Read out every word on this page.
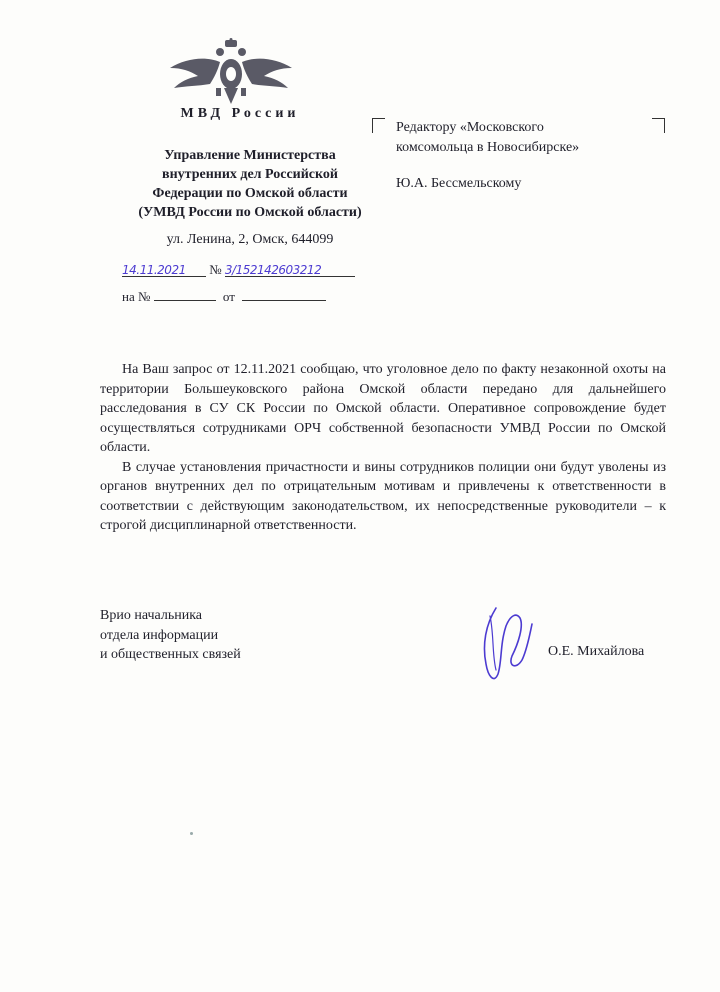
МВД России
Управление Министерства
внутренних дел Российской
Федерации по Омской области
(УМВД России по Омской области)
ул. Ленина, 2, Омск, 644099
14.11.2021 № 3/152142603212
на №	от
Редактору «Московского
комсомольца в Новосибирске»
Ю.А. Бессмельскому

На Ваш запрос от 12.11.2021 сообщаю, что уголовное дело по факту незаконной охоты на территории Большеуковского района Омской области передано для дальнейшего расследования в СУ СК России по Омской области. Оперативное сопровождение будет осуществляться сотрудниками ОРЧ собственной безопасности УМВД России по Омской области.

В случае установления причастности и вины сотрудников полиции они будут уволены из органов внутренних дел по отрицательным мотивам и привлечены к ответственности в соответствии с действующим законодательством, их непосредственные руководители – к строгой дисциплинарной ответственности.

Врио начальника
отдела информации
и общественных связей	О.Е. Михайлова
